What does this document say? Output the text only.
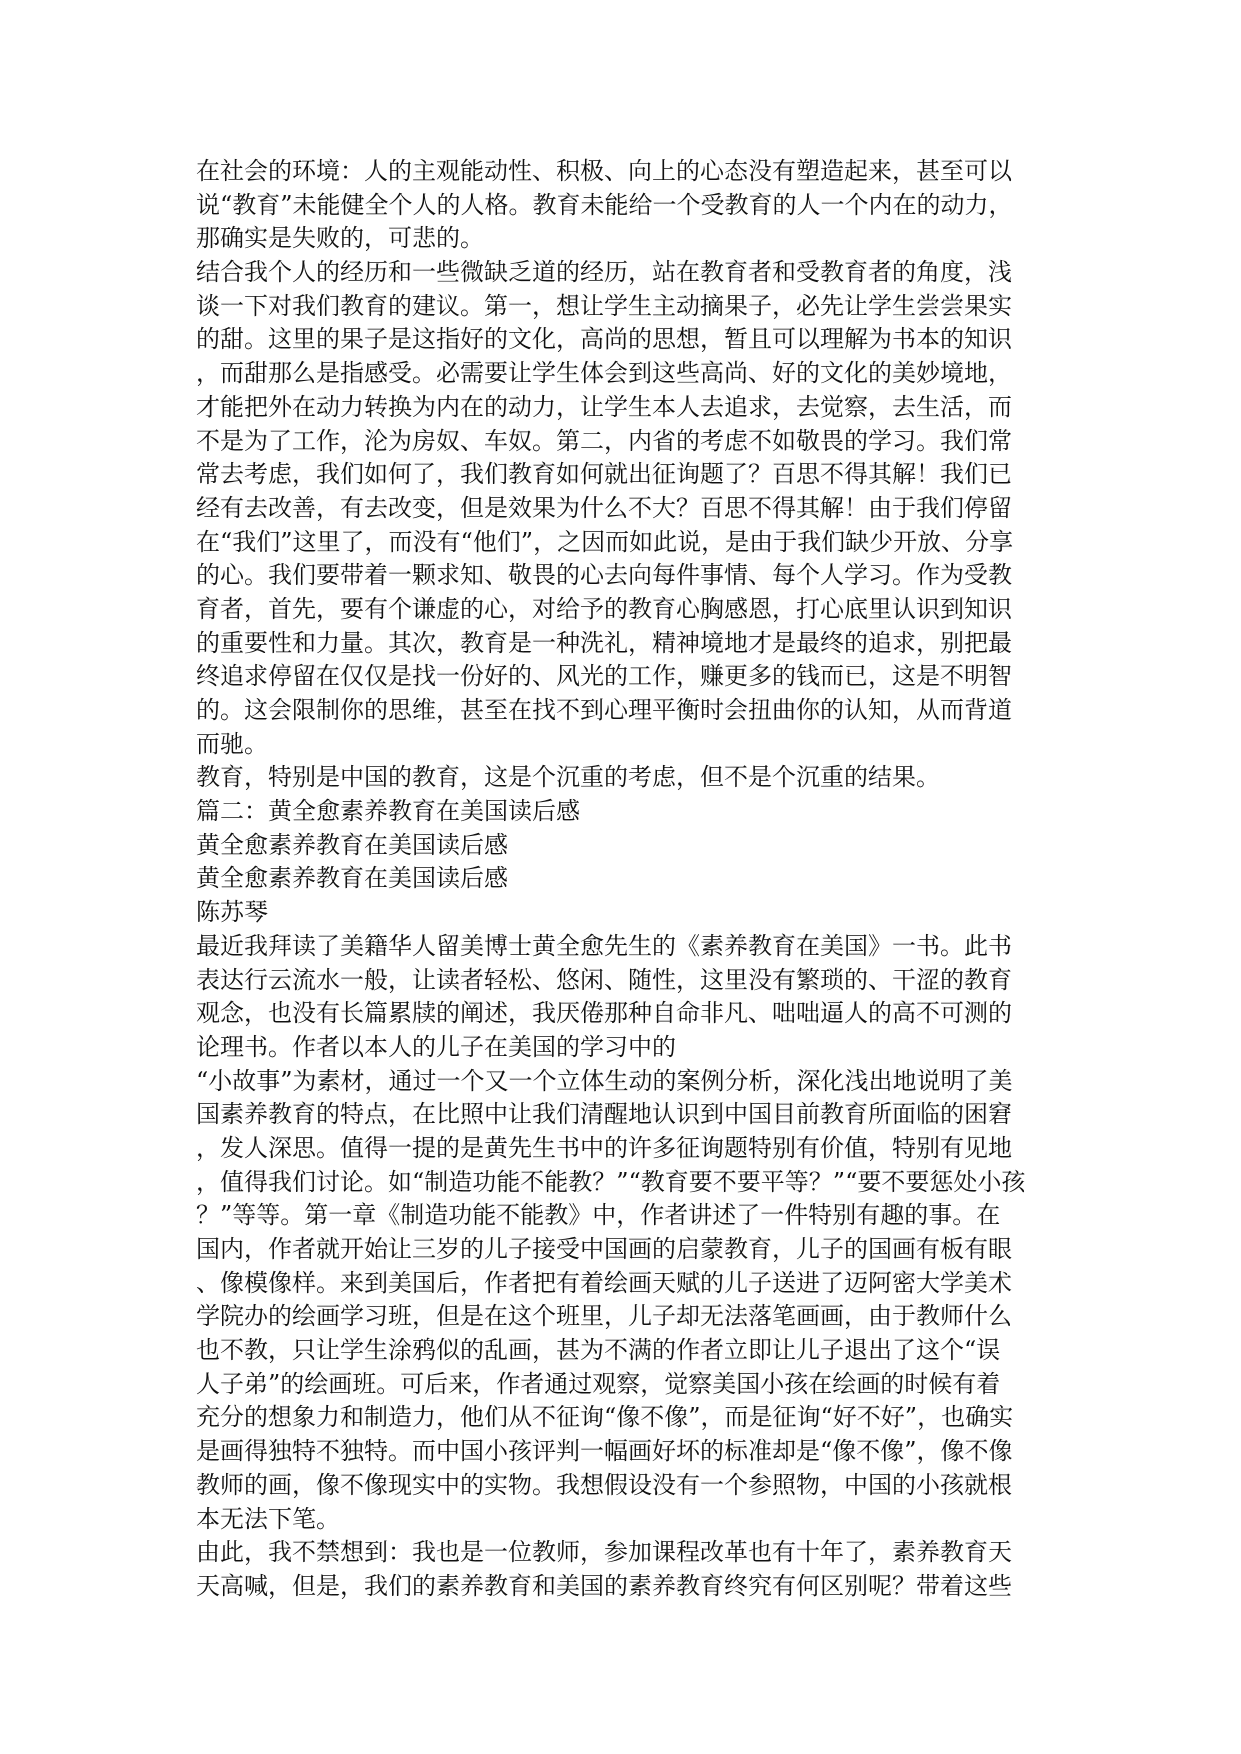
在社会的环境：人的主观能动性、积极、向上的心态没有塑造起来，甚至可以
说“教育”未能健全个人的人格。教育未能给一个受教育的人一个内在的动力，
那确实是失败的，可悲的。
结合我个人的经历和一些微缺乏道的经历，站在教育者和受教育者的角度，浅
谈一下对我们教育的建议。第一，想让学生主动摘果子，必先让学生尝尝果实
的甜。这里的果子是这指好的文化，高尚的思想，暂且可以理解为书本的知识
，而甜那么是指感受。必需要让学生体会到这些高尚、好的文化的美妙境地，
才能把外在动力转换为内在的动力，让学生本人去追求，去觉察，去生活，而
不是为了工作，沦为房奴、车奴。第二，内省的考虑不如敬畏的学习。我们常
常去考虑，我们如何了，我们教育如何就出征询题了？百思不得其解！我们已
经有去改善，有去改变，但是效果为什么不大？百思不得其解！由于我们停留
在“我们”这里了，而没有“他们”，之因而如此说，是由于我们缺少开放、分享
的心。我们要带着一颗求知、敬畏的心去向每件事情、每个人学习。作为受教
育者，首先，要有个谦虚的心，对给予的教育心胸感恩，打心底里认识到知识
的重要性和力量。其次，教育是一种洗礼，精神境地才是最终的追求，别把最
终追求停留在仅仅是找一份好的、风光的工作，赚更多的钱而已，这是不明智
的。这会限制你的思维，甚至在找不到心理平衡时会扭曲你的认知，从而背道
而驰。
教育，特别是中国的教育，这是个沉重的考虑，但不是个沉重的结果。
篇二：黄全愈素养教育在美国读后感
黄全愈素养教育在美国读后感
黄全愈素养教育在美国读后感
陈苏琴
最近我拜读了美籍华人留美博士黄全愈先生的《素养教育在美国》一书。此书
表达行云流水一般，让读者轻松、悠闲、随性，这里没有繁琐的、干涩的教育
观念，也没有长篇累牍的阐述，我厌倦那种自命非凡、咄咄逼人的高不可测的
论理书。作者以本人的儿子在美国的学习中的
“小故事”为素材，通过一个又一个立体生动的案例分析，深化浅出地说明了美
国素养教育的特点，在比照中让我们清醒地认识到中国目前教育所面临的困窘
，发人深思。值得一提的是黄先生书中的许多征询题特别有价值，特别有见地
，值得我们讨论。如“制造功能不能教？”“教育要不要平等？”“要不要惩处小孩
？”等等。第一章《制造功能不能教》中，作者讲述了一件特别有趣的事。在
国内，作者就开始让三岁的儿子接受中国画的启蒙教育，儿子的国画有板有眼
、像模像样。来到美国后，作者把有着绘画天赋的儿子送进了迈阿密大学美术
学院办的绘画学习班，但是在这个班里，儿子却无法落笔画画，由于教师什么
也不教，只让学生涂鸦似的乱画，甚为不满的作者立即让儿子退出了这个“误
人子弟”的绘画班。可后来，作者通过观察，觉察美国小孩在绘画的时候有着
充分的想象力和制造力，他们从不征询“像不像”，而是征询“好不好”，也确实
是画得独特不独特。而中国小孩评判一幅画好坏的标准却是“像不像”，像不像
教师的画，像不像现实中的实物。我想假设没有一个参照物，中国的小孩就根
本无法下笔。
由此，我不禁想到：我也是一位教师，参加课程改革也有十年了，素养教育天
天高喊，但是，我们的素养教育和美国的素养教育终究有何区别呢？带着这些
